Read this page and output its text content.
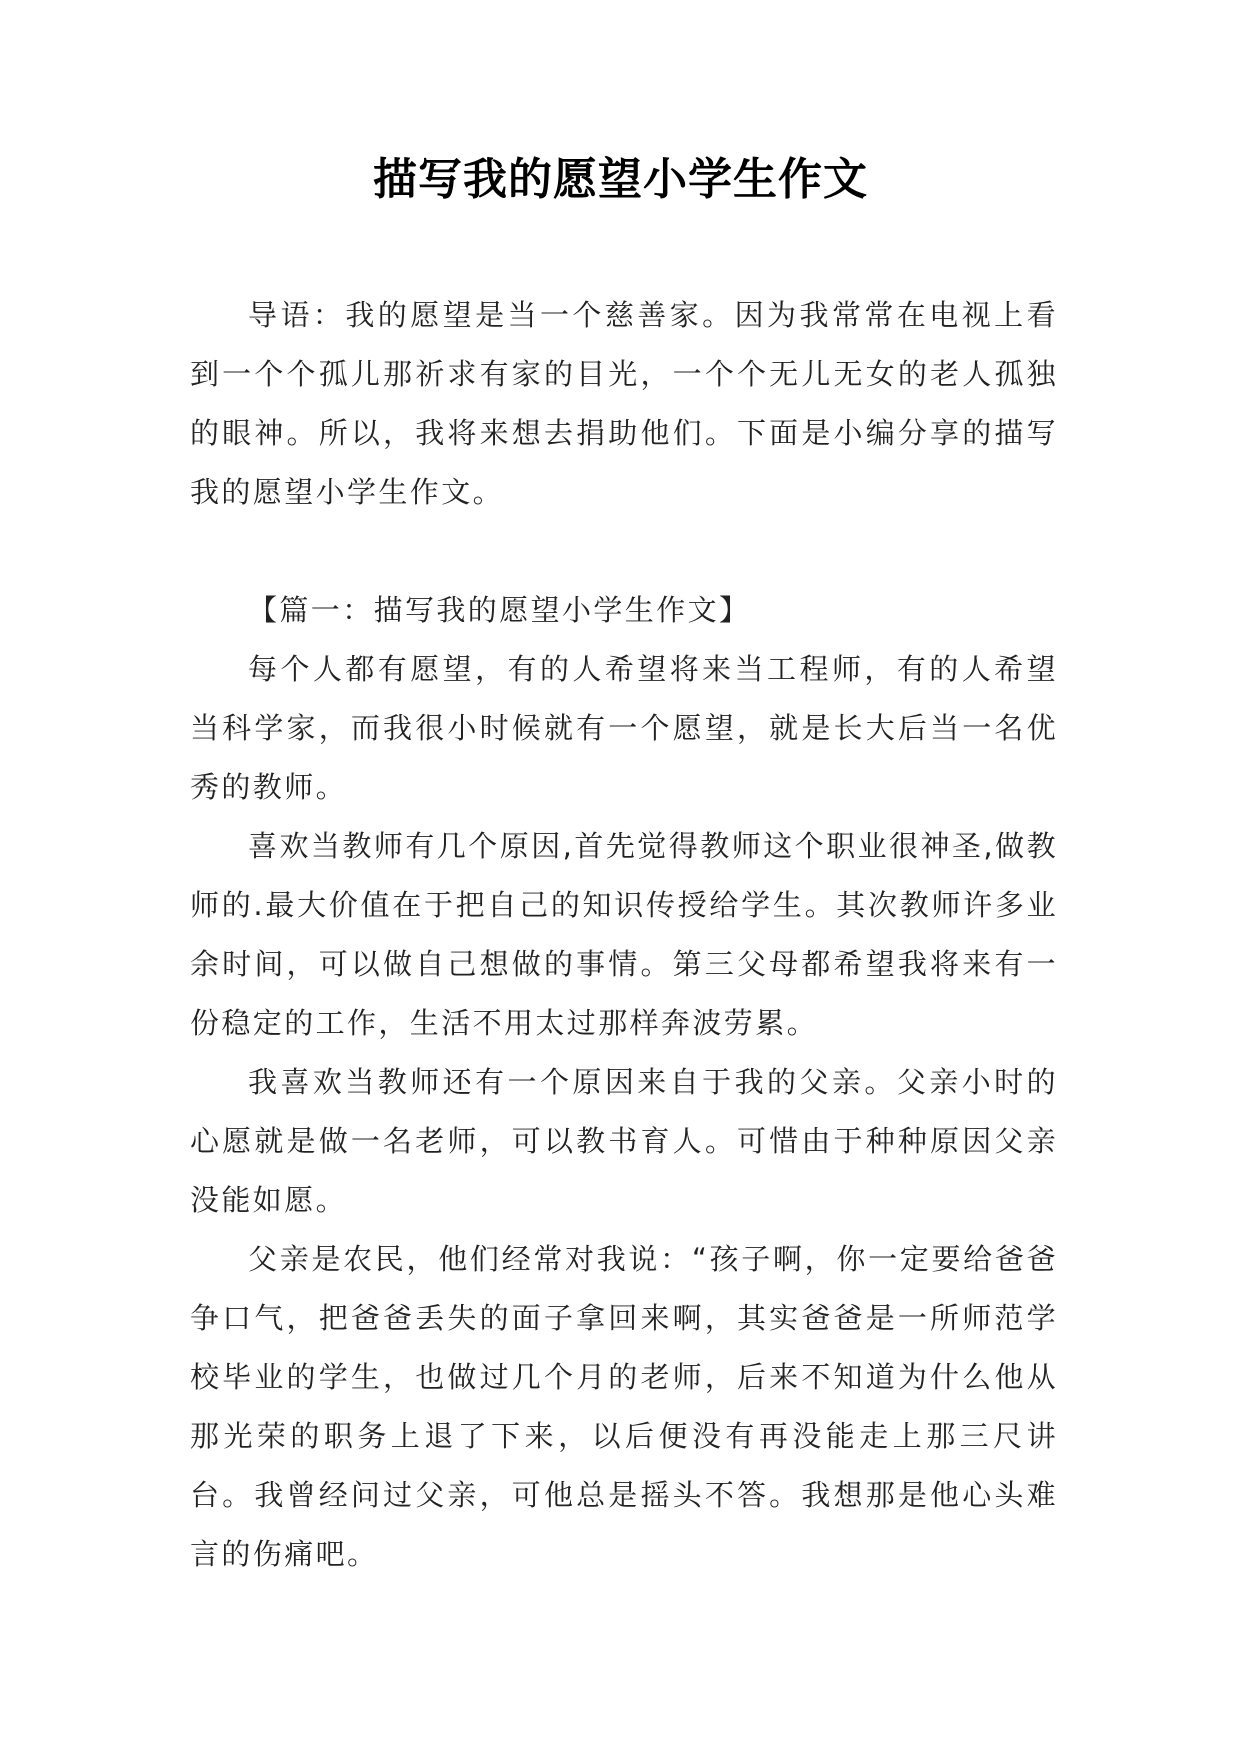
描写我的愿望小学生作文

导语：我的愿望是当一个慈善家。因为我常常在电视上看到一个个孤儿那祈求有家的目光，一个个无儿无女的老人孤独的眼神。所以，我将来想去捐助他们。下面是小编分享的描写我的愿望小学生作文。

【篇一：描写我的愿望小学生作文】

每个人都有愿望，有的人希望将来当工程师，有的人希望当科学家，而我很小时候就有一个愿望，就是长大后当一名优秀的教师。

喜欢当教师有几个原因,首先觉得教师这个职业很神圣,做教师的.最大价值在于把自己的知识传授给学生。其次教师许多业余时间，可以做自己想做的事情。第三父母都希望我将来有一份稳定的工作，生活不用太过那样奔波劳累。

我喜欢当教师还有一个原因来自于我的父亲。父亲小时的心愿就是做一名老师，可以教书育人。可惜由于种种原因父亲没能如愿。

父亲是农民，他们经常对我说：“孩子啊，你一定要给爸爸争口气，把爸爸丢失的面子拿回来啊，其实爸爸是一所师范学校毕业的学生，也做过几个月的老师，后来不知道为什么他从那光荣的职务上退了下来，以后便没有再没能走上那三尺讲台。我曾经问过父亲，可他总是摇头不答。我想那是他心头难言的伤痛吧。
